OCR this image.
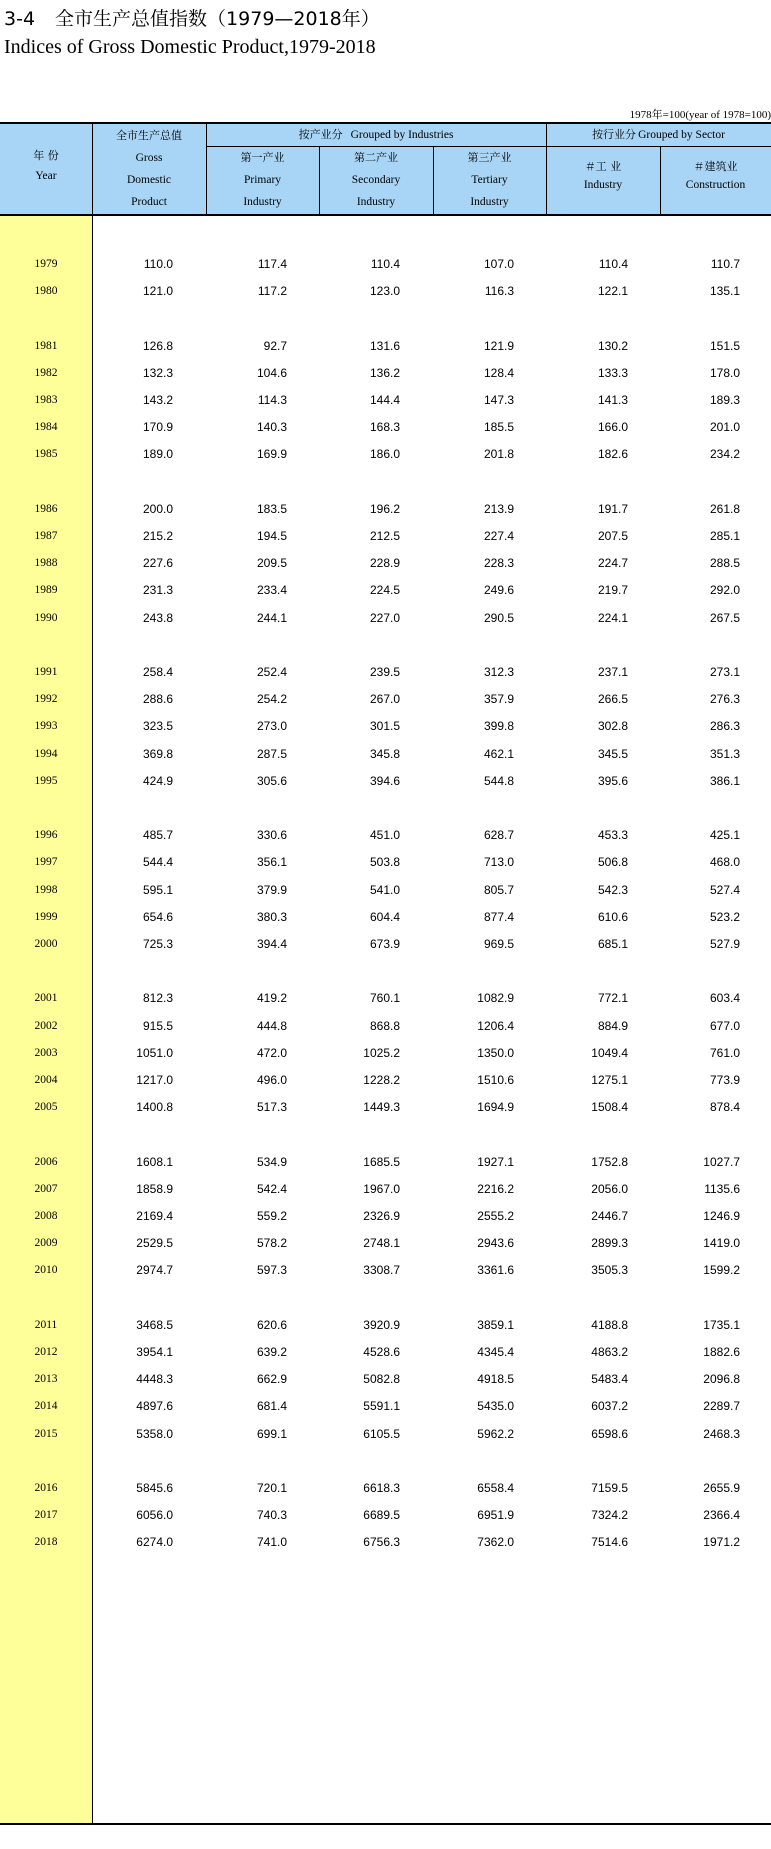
3-4 全市生产总值指数（1979—2018年）
Indices of Gross Domestic Product,1979-2018
1978年=100(year of 1978=100)
年 份
Year
全市生产总值
Gross
Domestic
Product
按产业分 Grouped by Industries	按行业分 Grouped by Sector
第一产业
Primary
Industry
第二产业
Secondary
Industry
第三产业
Tertiary
Industry
＃工 业
Industry
＃建筑业
Construction
1979	110.0	117.4	110.4	107.0	110.4	110.7
1980	121.0	117.2	123.0	116.3	122.1	135.1
1981	126.8	92.7	131.6	121.9	130.2	151.5
1982	132.3	104.6	136.2	128.4	133.3	178.0
1983	143.2	114.3	144.4	147.3	141.3	189.3
1984	170.9	140.3	168.3	185.5	166.0	201.0
1985	189.0	169.9	186.0	201.8	182.6	234.2
1986	200.0	183.5	196.2	213.9	191.7	261.8
1987	215.2	194.5	212.5	227.4	207.5	285.1
1988	227.6	209.5	228.9	228.3	224.7	288.5
1989	231.3	233.4	224.5	249.6	219.7	292.0
1990	243.8	244.1	227.0	290.5	224.1	267.5
1991	258.4	252.4	239.5	312.3	237.1	273.1
1992	288.6	254.2	267.0	357.9	266.5	276.3
1993	323.5	273.0	301.5	399.8	302.8	286.3
1994	369.8	287.5	345.8	462.1	345.5	351.3
1995	424.9	305.6	394.6	544.8	395.6	386.1
1996	485.7	330.6	451.0	628.7	453.3	425.1
1997	544.4	356.1	503.8	713.0	506.8	468.0
1998	595.1	379.9	541.0	805.7	542.3	527.4
1999	654.6	380.3	604.4	877.4	610.6	523.2
2000	725.3	394.4	673.9	969.5	685.1	527.9
2001	812.3	419.2	760.1	1082.9	772.1	603.4
2002	915.5	444.8	868.8	1206.4	884.9	677.0
2003	1051.0	472.0	1025.2	1350.0	1049.4	761.0
2004	1217.0	496.0	1228.2	1510.6	1275.1	773.9
2005	1400.8	517.3	1449.3	1694.9	1508.4	878.4
2006	1608.1	534.9	1685.5	1927.1	1752.8	1027.7
2007	1858.9	542.4	1967.0	2216.2	2056.0	1135.6
2008	2169.4	559.2	2326.9	2555.2	2446.7	1246.9
2009	2529.5	578.2	2748.1	2943.6	2899.3	1419.0
2010	2974.7	597.3	3308.7	3361.6	3505.3	1599.2
2011	3468.5	620.6	3920.9	3859.1	4188.8	1735.1
2012	3954.1	639.2	4528.6	4345.4	4863.2	1882.6
2013	4448.3	662.9	5082.8	4918.5	5483.4	2096.8
2014	4897.6	681.4	5591.1	5435.0	6037.2	2289.7
2015	5358.0	699.1	6105.5	5962.2	6598.6	2468.3
2016	5845.6	720.1	6618.3	6558.4	7159.5	2655.9
2017	6056.0	740.3	6689.5	6951.9	7324.2	2366.4
2018	6274.0	741.0	6756.3	7362.0	7514.6	1971.2
